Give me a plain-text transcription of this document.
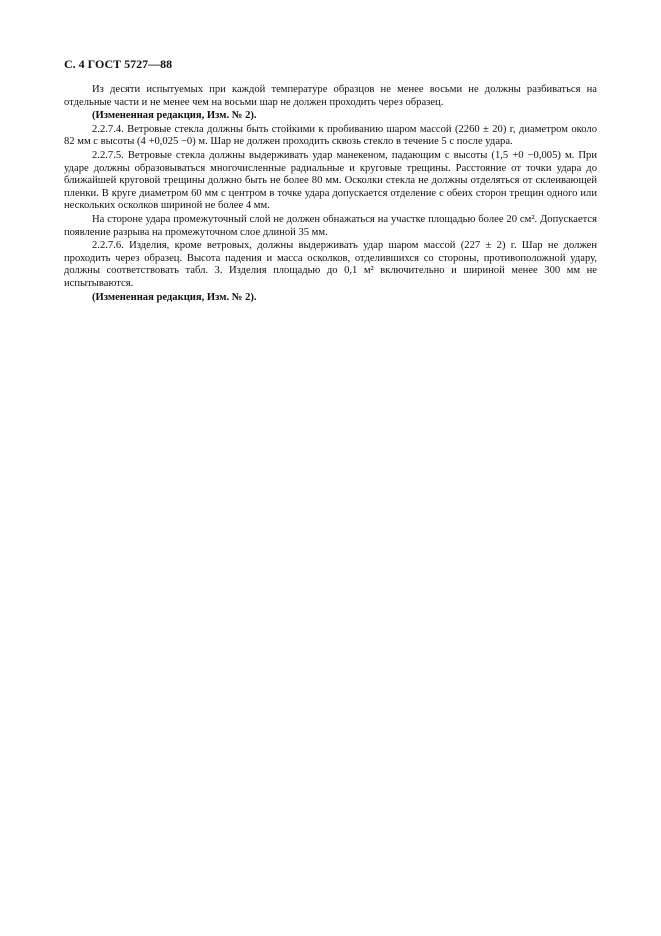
С. 4 ГОСТ 5727—88

Из десяти испытуемых при каждой температуре образцов не менее восьми не должны разбиваться на отдельные части и не менее чем на восьми шар не должен проходить через образец.

(Измененная редакция, Изм. № 2).

2.2.7.4. Ветровые стекла должны быть стойкими к пробиванию шаром массой (2260 ± 20) г, диаметром около 82 мм с высоты (4 +0,025 −0) м. Шар не должен проходить сквозь стекло в течение 5 с после удара.

2.2.7.5. Ветровые стекла должны выдерживать удар манекеном, падающим с высоты (1,5 +0 −0,005) м. При ударе должны образовываться многочисленные радиальные и круговые трещины. Расстояние от точки удара до ближайшей круговой трещины должно быть не более 80 мм. Осколки стекла не должны отделяться от склеивающей пленки. В круге диаметром 60 мм с центром в точке удара допускается отделение с обеих сторон трещин одного или нескольких осколков шириной не более 4 мм.

На стороне удара промежуточный слой не должен обнажаться на участке площадью более 20 см². Допускается появление разрыва на промежуточном слое длиной 35 мм.

2.2.7.6. Изделия, кроме ветровых, должны выдерживать удар шаром массой (227 ± 2) г. Шар не должен проходить через образец. Высота падения и масса осколков, отделившихся со стороны, противоположной удару, должны соответствовать табл. 3. Изделия площадью до 0,1 м² включительно и шириной менее 300 мм не испытываются.

(Измененная редакция, Изм. № 2).
